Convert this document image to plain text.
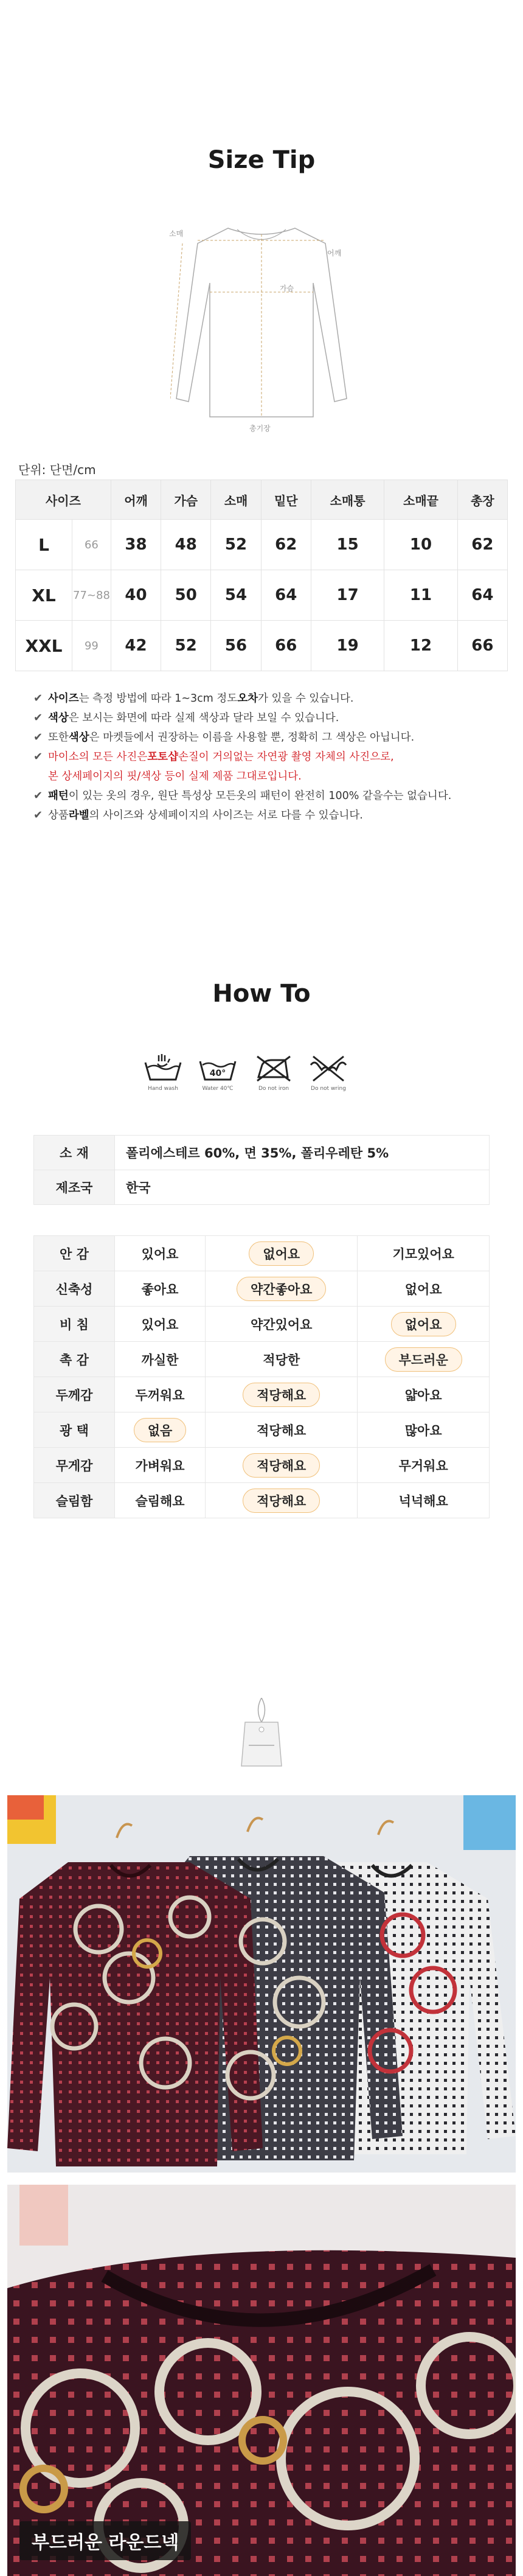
Size Tip
소매
어깨
가슴
총기장
단위: 단면/cm
사이즈		어깨	가슴	소매	밑단	소매통	소매끝	총장
L	66	38	48	52	62	15	10	62
XL	77~88	40	50	54	64	17	11	64
XXL	99	42	52	56	66	19	12	66
✔ 사이즈 는 측정 방법에 따라 1~3cm 정도 오차 가 있을 수 있습니다.
✔ 색상 은 보시는 화면에 따라 실제 색상과 달라 보일 수 있습니다.
✔ 또한 색상 은 마켓들에서 권장하는 이름을 사용할 뿐, 정확히 그 색상은 아닙니다.
✔ 마이소의 모든 사진은 포토샵 손질이 거의없는 자연광 촬영 자체의 사진으로,
본 상세페이지의 핏/색상 등이 실제 제품 그대로입니다.
✔ 패턴 이 있는 옷의 경우, 원단 특성상 모든옷의 패턴이 완전히 100% 같을수는 없습니다.
✔ 상품 라벨 의 사이즈와 상세페이지의 사이즈는 서로 다를 수 있습니다.
How To
Hand wash
40°
Water 40℃	Do not iron	Do not wring
소 재	폴리에스테르 60%, 면 35%, 폴리우레탄 5%
제조국	한국
안 감	있어요	없어요	기모있어요
신축성	좋아요	약간좋아요	없어요
비 침	있어요	약간있어요	없어요
촉 감	까실한	적당한	부드러운
두께감	두꺼워요	적당해요	얇아요
광 택	없음	적당해요	많아요
무게감	가벼워요	적당해요	무거워요
슬림함	슬림해요	적당해요	넉넉해요
부드러운 라운드넥
